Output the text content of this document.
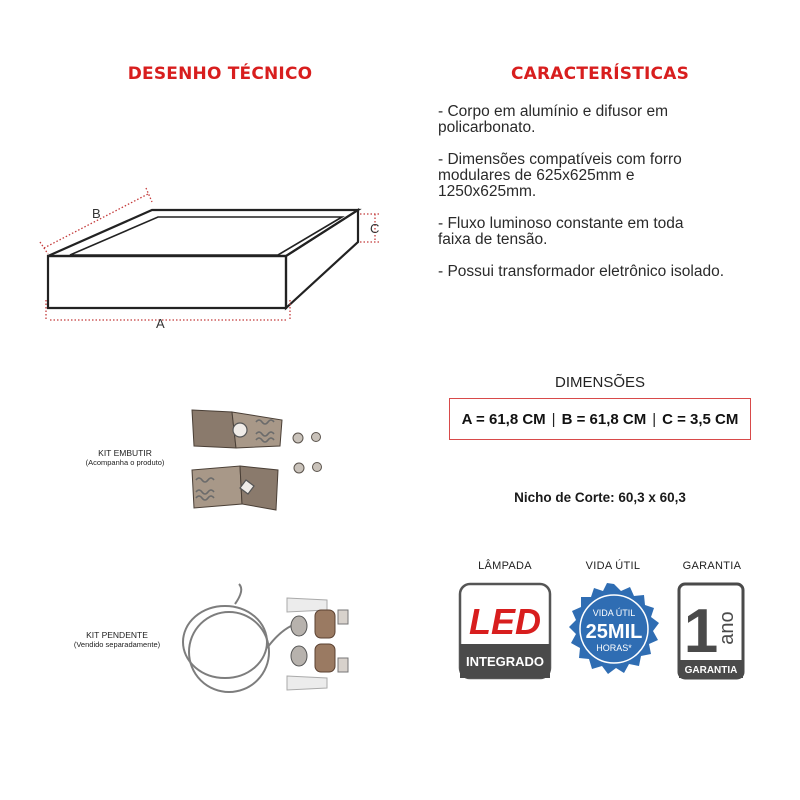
DESENHO TÉCNICO	CARACTERÍSTICAS
A
B
C
- Corpo em alumínio e difusor em
policarbonato.
- Dimensões compatíveis com forro
modulares de 625x625mm e
1250x625mm.
- Fluxo luminoso constante em toda
faixa de tensão.
- Possui transformador eletrônico isolado.
DIMENSÕES
A = 61,8 CM | B = 61,8 CM | C = 3,5 CM
Nicho de Corte: 60,3 x 60,3
KIT EMBUTIR
(Acompanha o produto)
KIT PENDENTE
(Vendido separadamente)
LÂMPADA	VIDA ÚTIL	GARANTIA
LED
INTEGRADO
VIDA ÚTIL
25MIL
HORAS* 1
ano
GARANTIA
